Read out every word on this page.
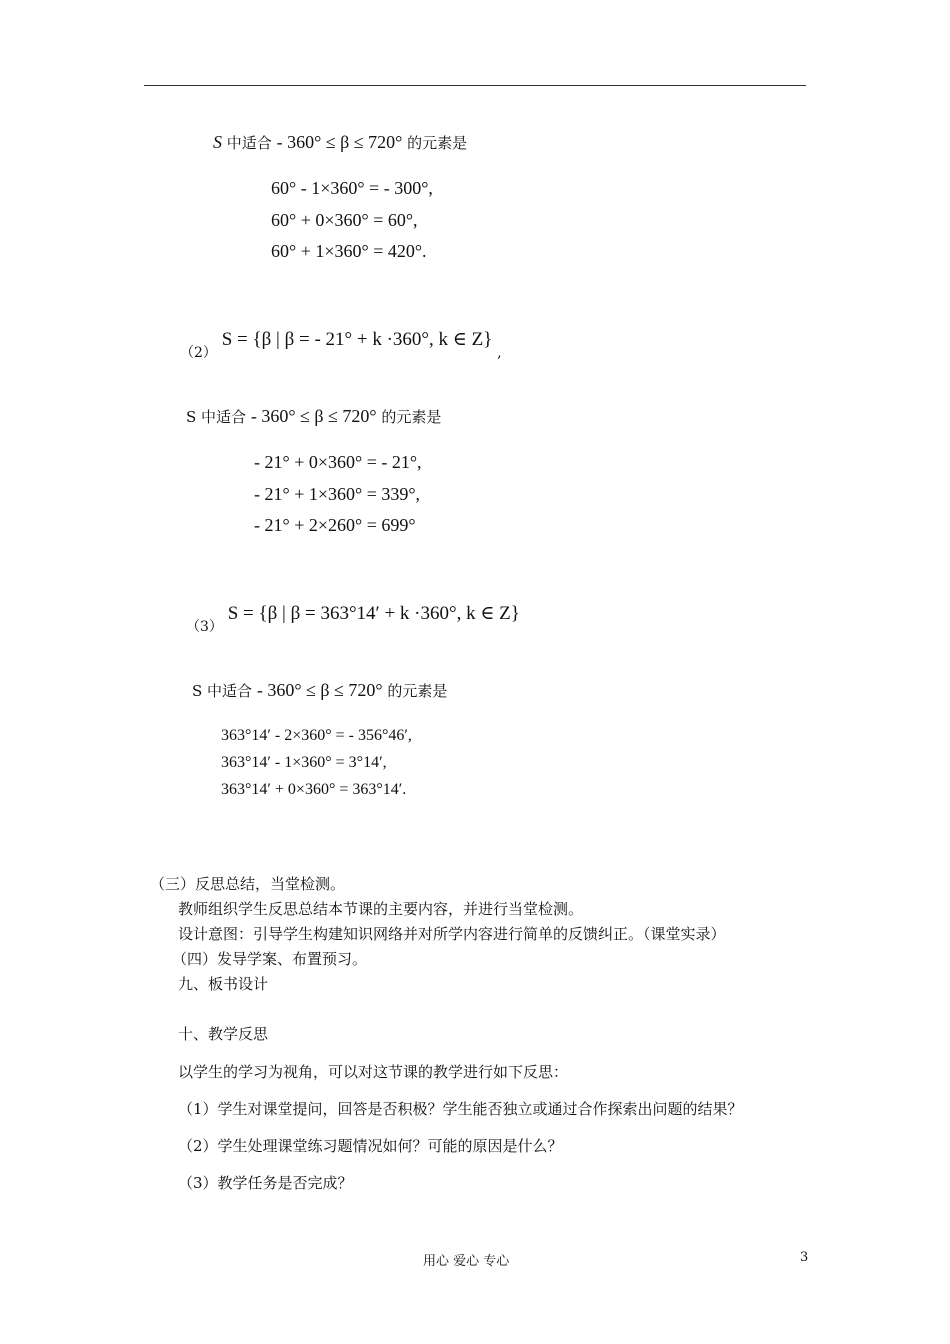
S 中适合 - 360° ≤ β ≤ 720° 的元素是
60° - 1×360° = - 300°,
60° + 0×360° = 60°,
60° + 1×360° = 420°.
（2） S = {β | β = - 21° + k ·360°, k ∈ Z} ,
S 中适合 - 360° ≤ β ≤ 720° 的元素是
- 21° + 0×360° = - 21°,
- 21° + 1×360° = 339°,
- 21° + 2×260° = 699°
（3） S = {β | β = 363°14′ + k ·360°, k ∈ Z}
S 中适合 - 360° ≤ β ≤ 720° 的元素是
363°14′ - 2×360° = - 356°46′,
363°14′ - 1×360° = 3°14′,
363°14′ + 0×360° = 363°14′.
（三）反思总结，当堂检测。
教师组织学生反思总结本节课的主要内容，并进行当堂检测。
设计意图：引导学生构建知识网络并对所学内容进行简单的反馈纠正。（课堂实录）
（四）发导学案、布置预习。
九、板书设计
十、教学反思
以学生的学习为视角，可以对这节课的教学进行如下反思：
（1）学生对课堂提问，回答是否积极？学生能否独立或通过合作探索出问题的结果？
（2）学生处理课堂练习题情况如何？可能的原因是什么？
（3）教学任务是否完成？
用心 爱心 专心	3
